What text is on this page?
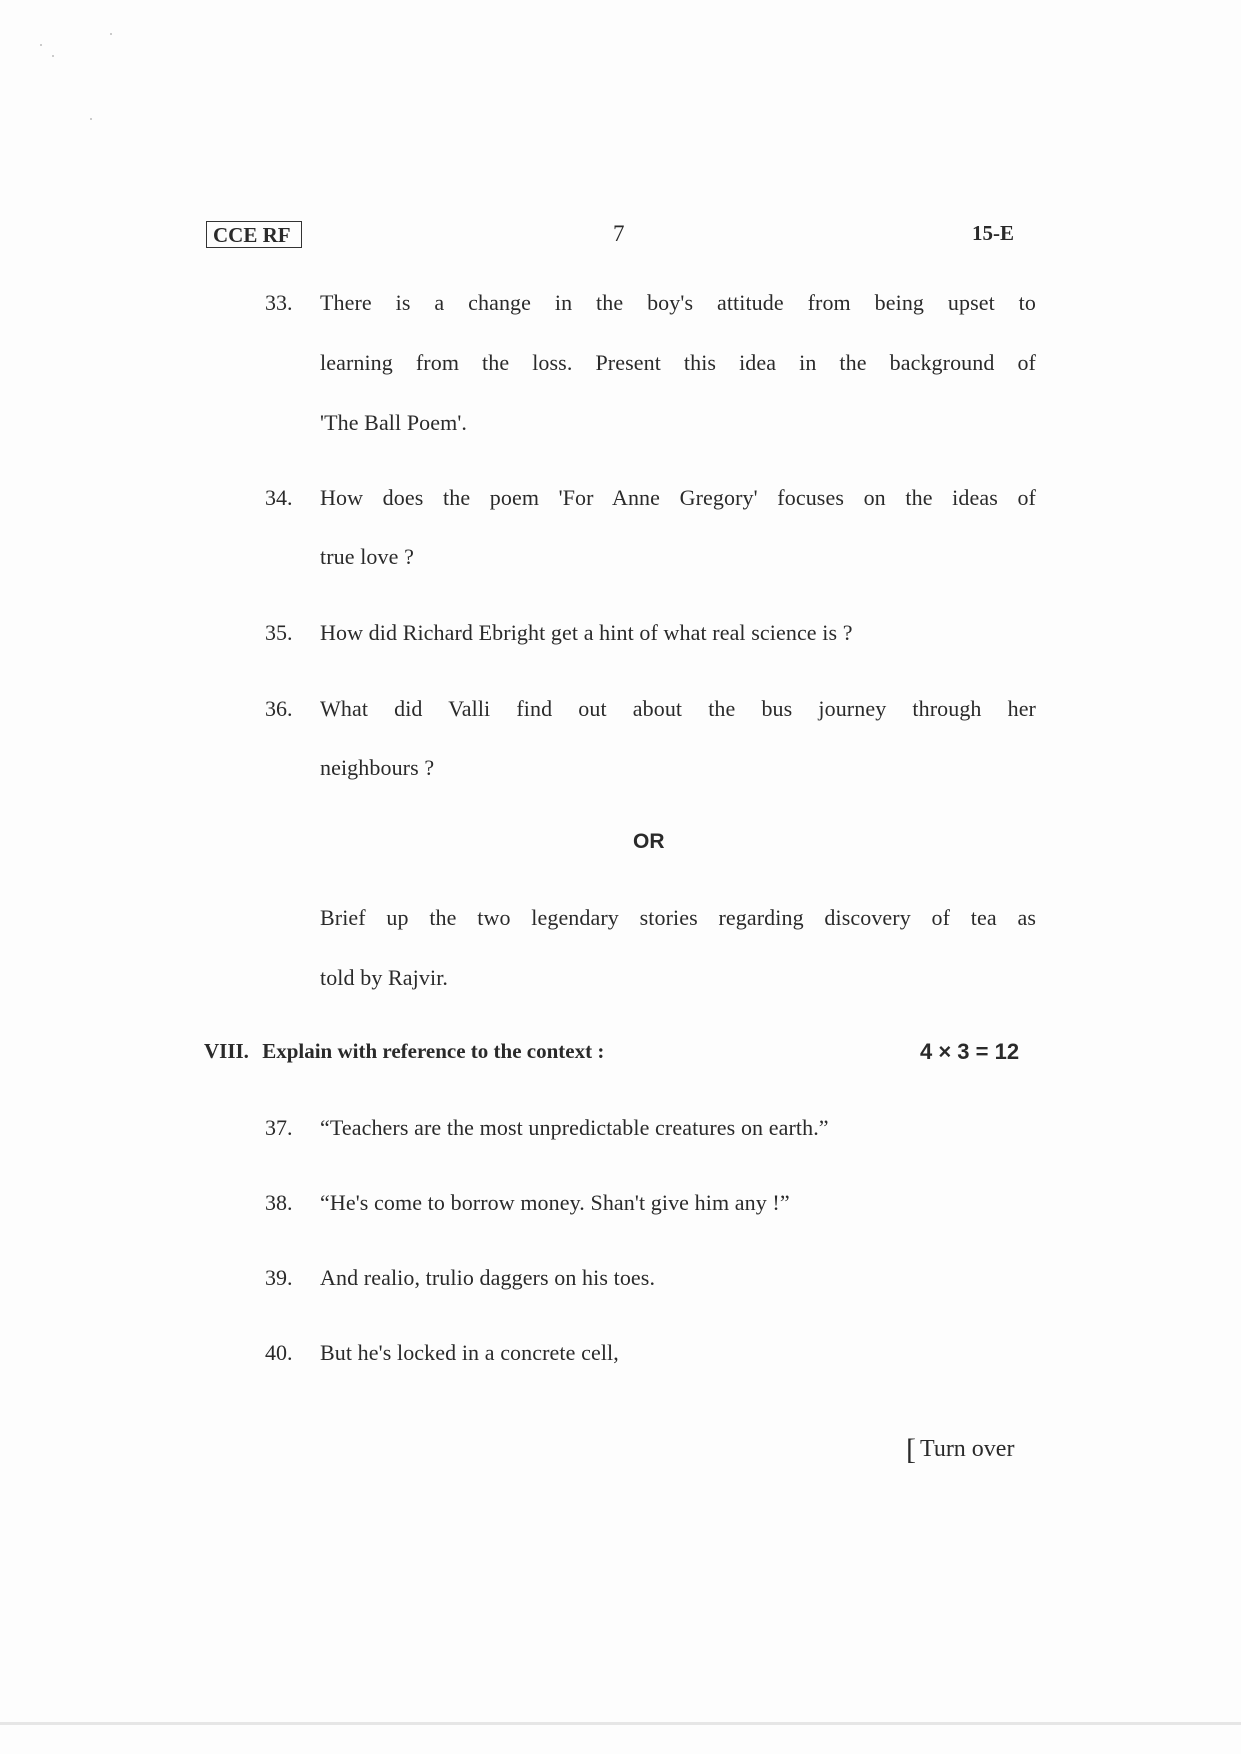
CCE RF	7	15-E
33. There is a change in the boy's attitude from being upset to
learning from the loss. Present this idea in the background of
'The Ball Poem'.
34. How does the poem 'For Anne Gregory' focuses on the ideas of
true love ?
35. How did Richard Ebright get a hint of what real science is ?
36. What did Valli find out about the bus journey through her
neighbours ?
OR
Brief up the two legendary stories regarding discovery of tea as
told by Rajvir.
VIII. Explain with reference to the context :	4 × 3 = 12
37. “Teachers are the most unpredictable creatures on earth.”
38. “He's come to borrow money. Shan't give him any !”
39. And realio, trulio daggers on his toes.
40. But he's locked in a concrete cell,
[ Turn over
